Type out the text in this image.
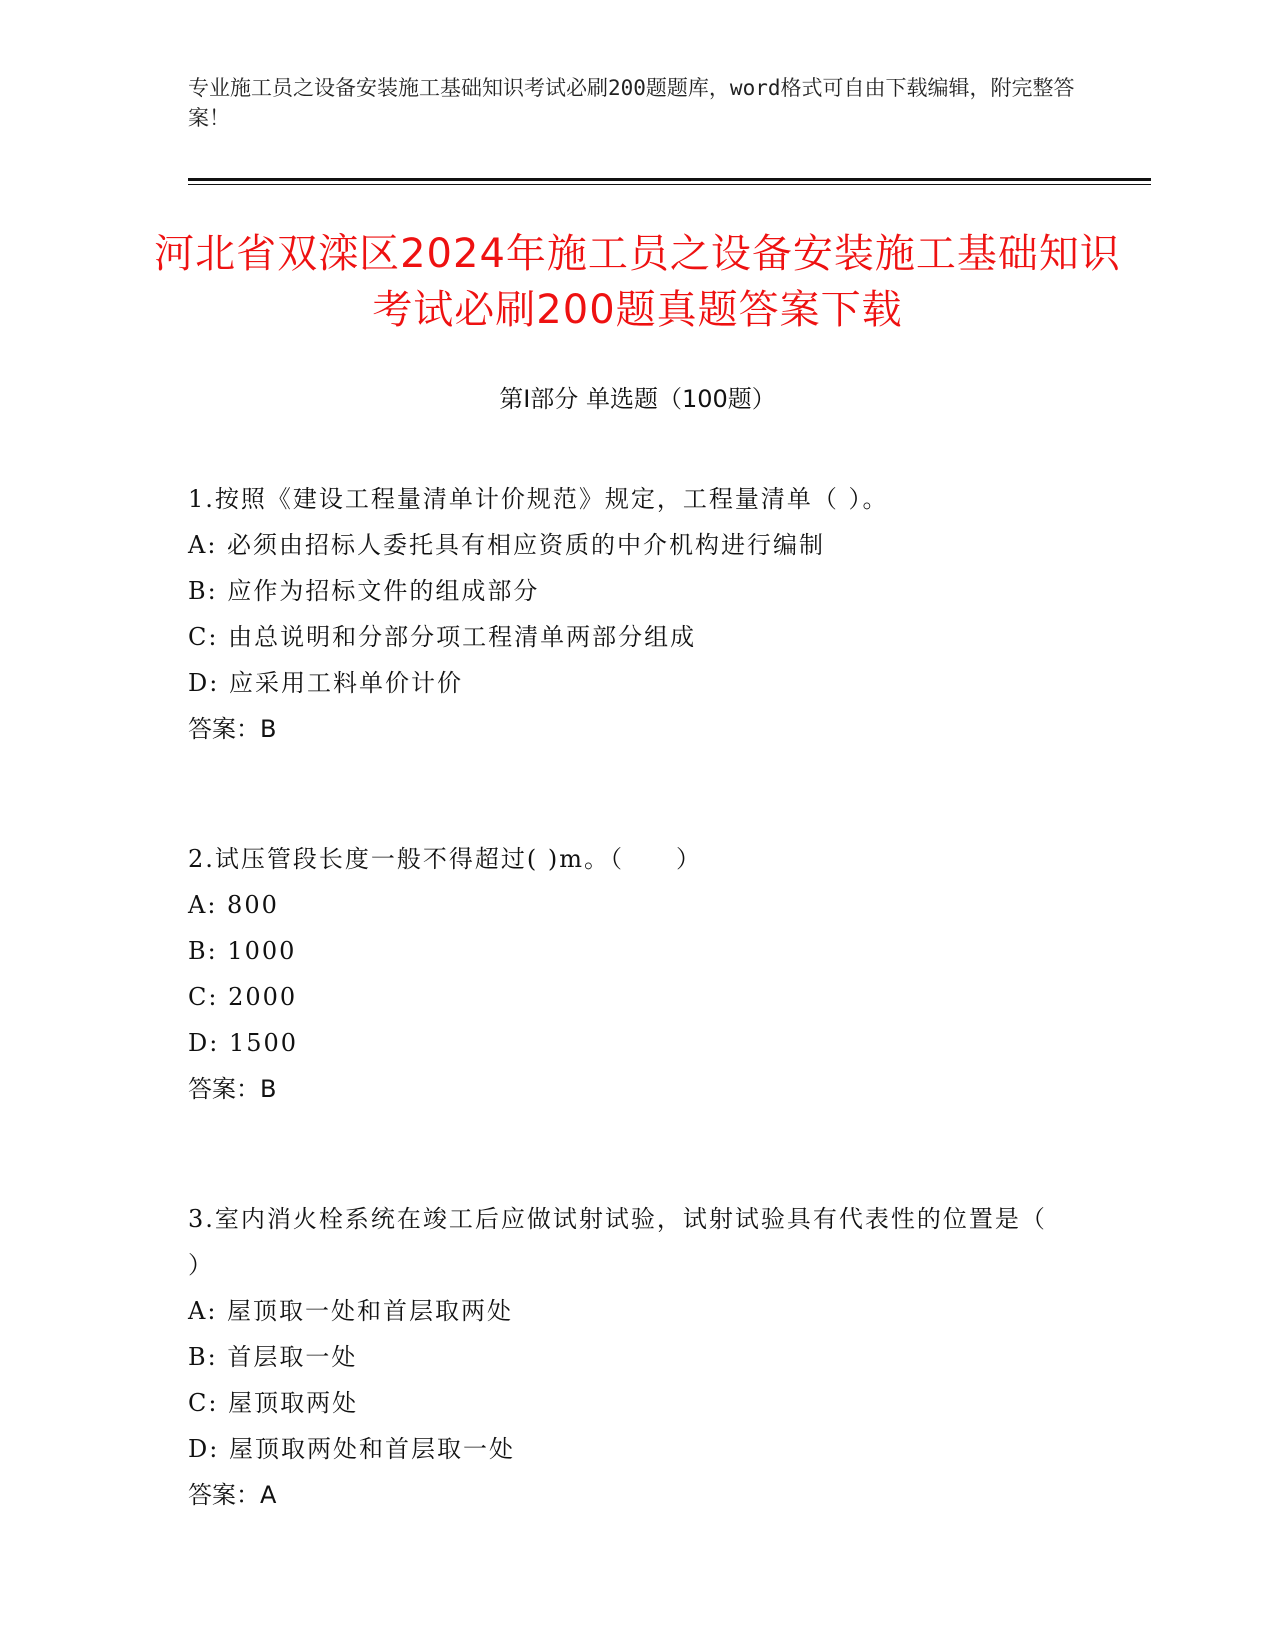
专业施工员之设备安装施工基础知识考试必刷200题题库，word格式可自由下载编辑，附完整答案！
河北省双滦区2024年施工员之设备安装施工基础知识考试必刷200题真题答案下载
第Ⅰ部分 单选题（100题）
1.按照《建设工程量清单计价规范》规定，工程量清单（ ）。
A: 必须由招标人委托具有相应资质的中介机构进行编制
B: 应作为招标文件的组成部分
C: 由总说明和分部分项工程清单两部分组成
D: 应采用工料单价计价
答案：B
2.试压管段长度一般不得超过( )m。（　　）
A: 800
B: 1000
C: 2000
D: 1500
答案：B
3.室内消火栓系统在竣工后应做试射试验，试射试验具有代表性的位置是（ ）
A: 屋顶取一处和首层取两处
B: 首层取一处
C: 屋顶取两处
D: 屋顶取两处和首层取一处
答案：A
